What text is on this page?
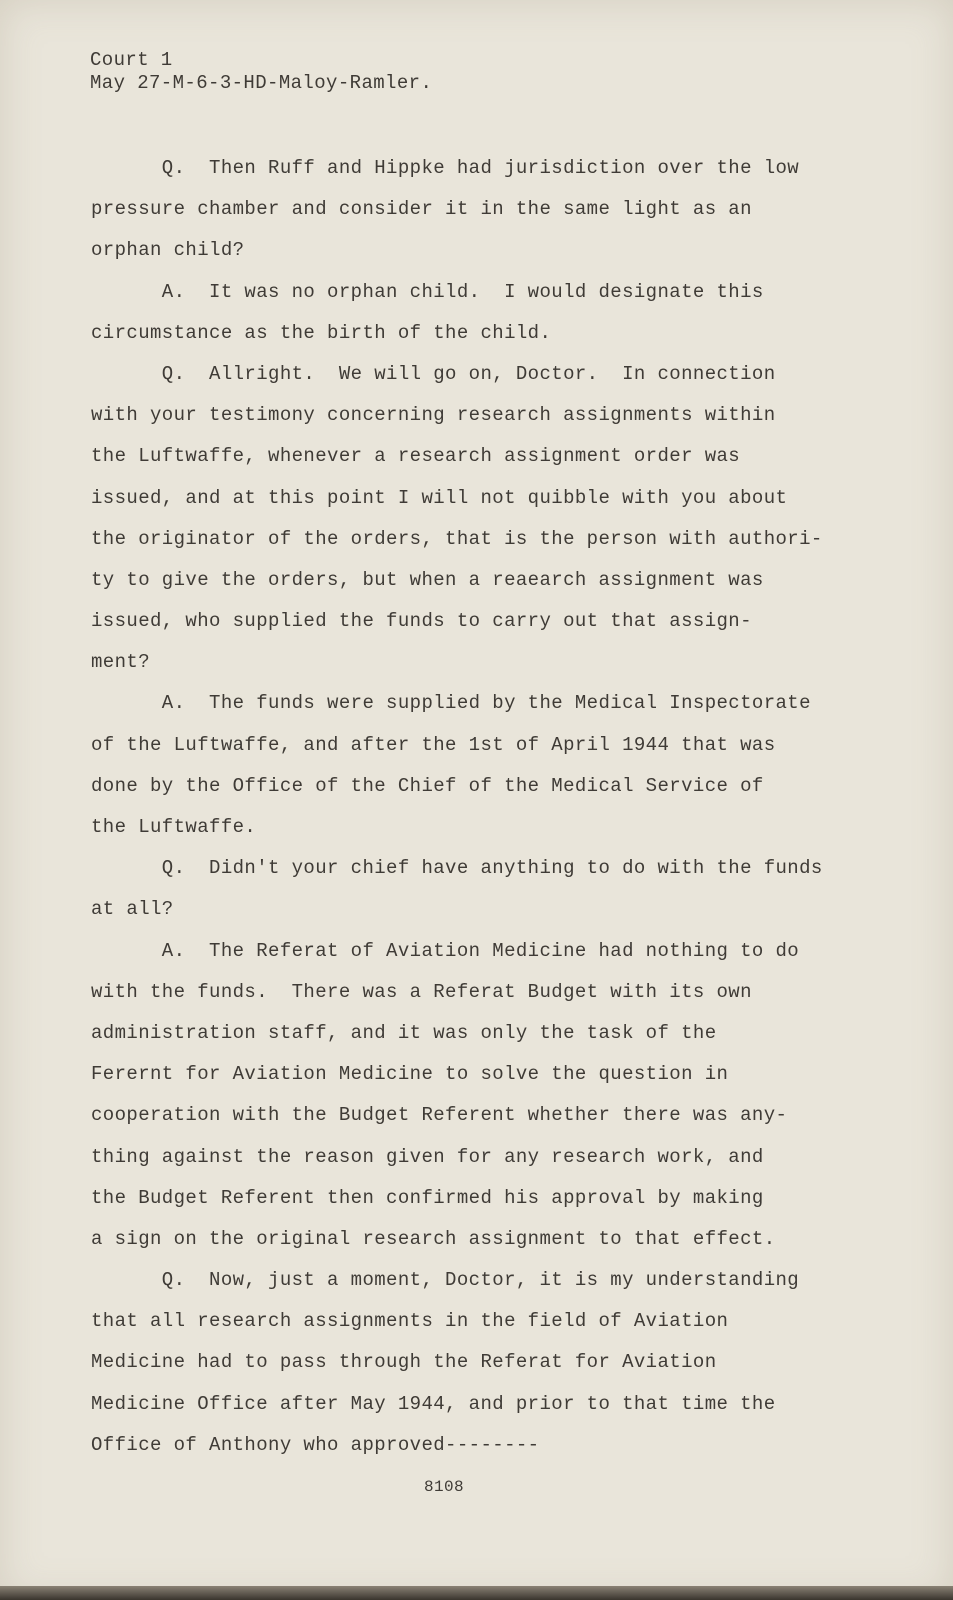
Court 1
May 27-M-6-3-HD-Maloy-Ramler.
Q.  Then Ruff and Hippke had jurisdiction over the low
pressure chamber and consider it in the same light as an
orphan child?
A.  It was no orphan child.  I would designate this
circumstance as the birth of the child.
Q.  Allright.  We will go on, Doctor.  In connection
with your testimony concerning research assignments within
the Luftwaffe, whenever a research assignment order was
issued, and at this point I will not quibble with you about
the originator of the orders, that is the person with authori-
ty to give the orders, but when a reaearch assignment was
issued, who supplied the funds to carry out that assign-
ment?
A.  The funds were supplied by the Medical Inspectorate
of the Luftwaffe, and after the 1st of April 1944 that was
done by the Office of the Chief of the Medical Service of
the Luftwaffe.
Q.  Didn't your chief have anything to do with the funds
at all?
A.  The Referat of Aviation Medicine had nothing to do
with the funds.  There was a Referat Budget with its own
administration staff, and it was only the task of the
Ferernt for Aviation Medicine to solve the question in
cooperation with the Budget Referent whether there was any-
thing against the reason given for any research work, and
the Budget Referent then confirmed his approval by making
a sign on the original research assignment to that effect.
Q.  Now, just a moment, Doctor, it is my understanding
that all research assignments in the field of Aviation
Medicine had to pass through the Referat for Aviation
Medicine Office after May 1944, and prior to that time the
Office of Anthony who approved--------
8108
